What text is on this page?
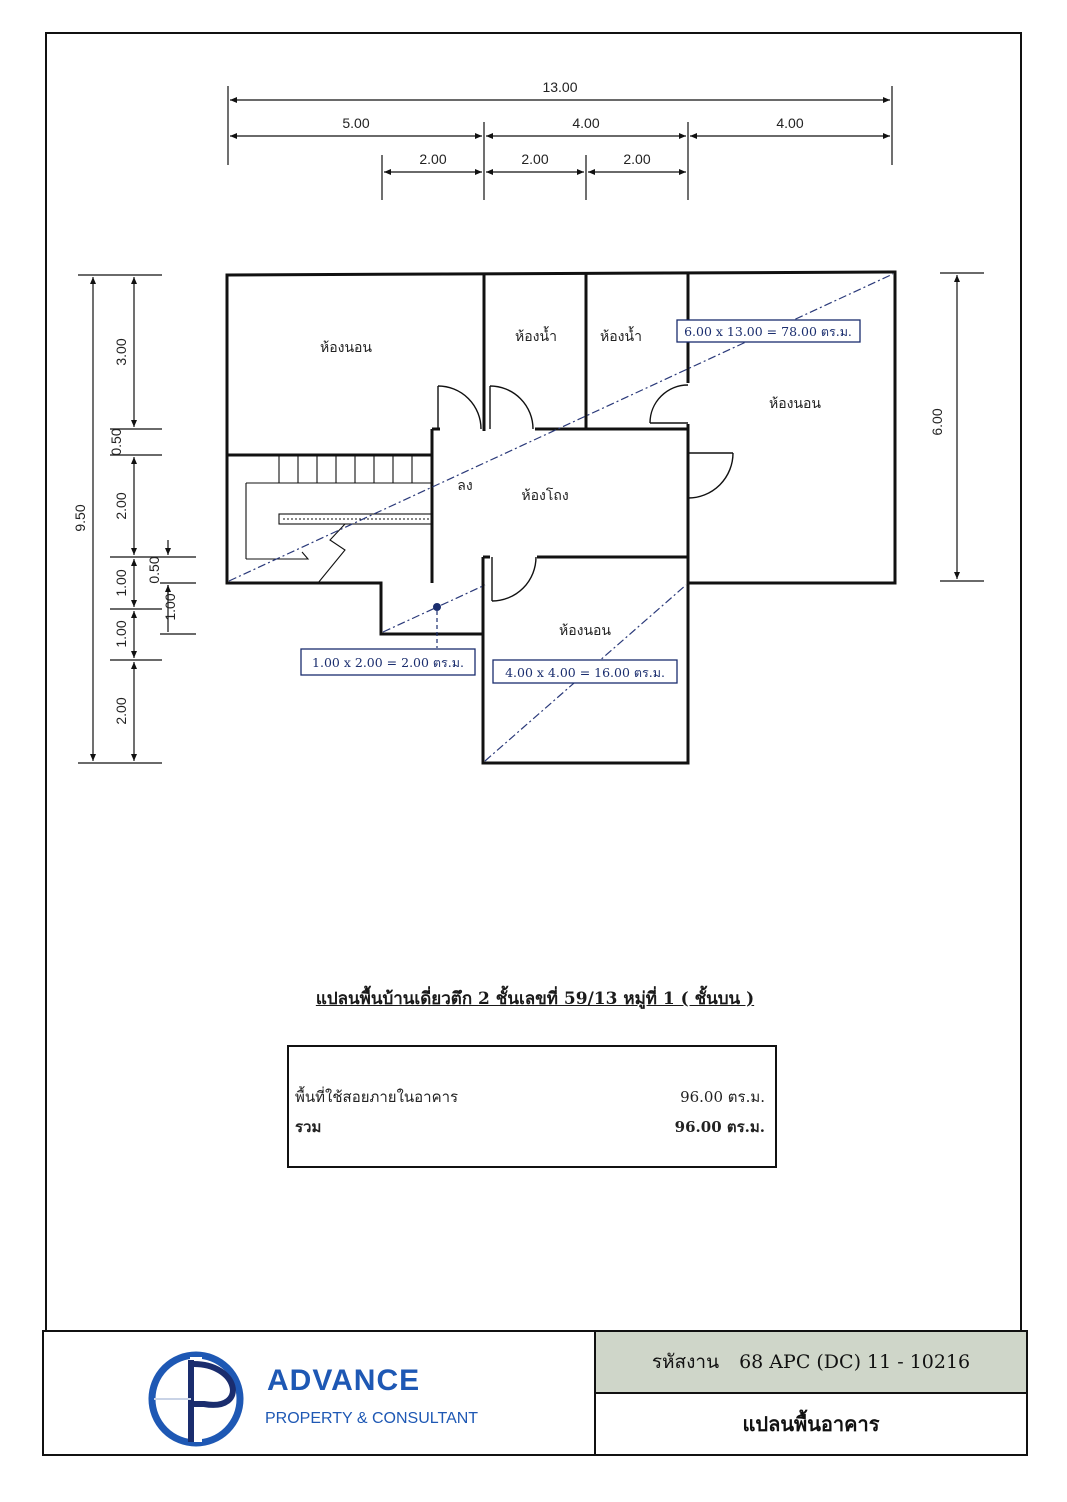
13.00
5.00	4.00	4.00
2.00	2.00	2.00
9.50
3.00
0.50
2.00
1.00
1.00
2.00
0.50
1.00
6.00
ห้องนอน
ห้องน้ำ	ห้องน้ำ
ห้องนอน
ห้องโถง
ลง
ห้องนอน
6.00 x 13.00 = 78.00 ตร.ม.
1.00 x 2.00 = 2.00 ตร.ม.
4.00 x 4.00 = 16.00 ตร.ม.
แปลนพื้นบ้านเดี่ยวตึก 2 ชั้นเลขที่ 59/13 หมู่ที่ 1 ( ชั้นบน )
พื้นที่ใช้สอยภายในอาคาร	96.00 ตร.ม.
รวม	96.00 ตร.ม.
ADVANCE
PROPERTY & CONSULTANT
รหัสงาน 68 APC (DC) 11 - 10216
แปลนพื้นอาคาร
